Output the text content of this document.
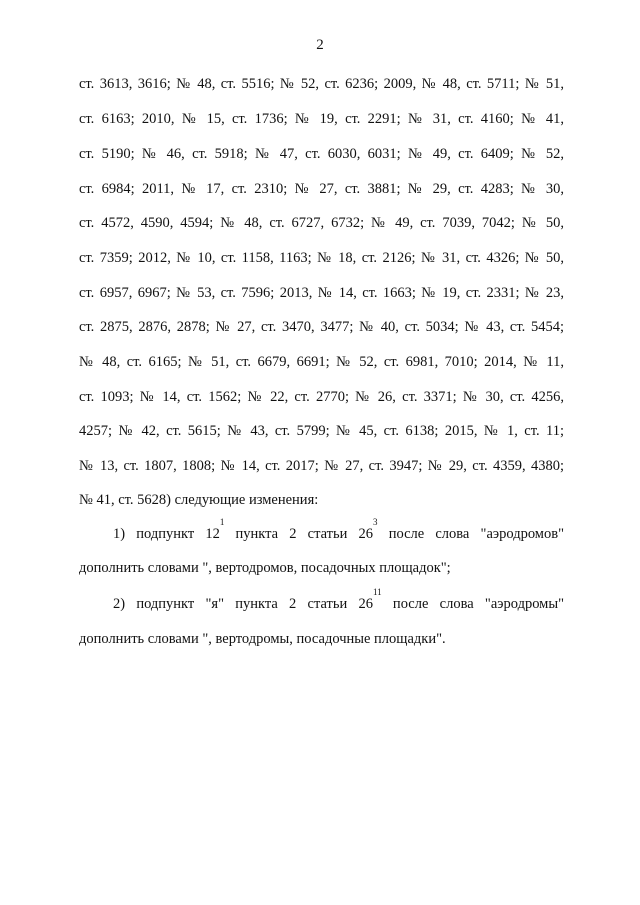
2
ст. 3613, 3616; № 48, ст. 5516; № 52, ст. 6236; 2009, № 48, ст. 5711; № 51,
ст. 6163; 2010, № 15, ст. 1736; № 19, ст. 2291; № 31, ст. 4160; № 41,
ст. 5190; № 46, ст. 5918; № 47, ст. 6030, 6031; № 49, ст. 6409; № 52,
ст. 6984; 2011, № 17, ст. 2310; № 27, ст. 3881; № 29, ст. 4283; № 30,
ст. 4572, 4590, 4594; № 48, ст. 6727, 6732; № 49, ст. 7039, 7042; № 50,
ст. 7359; 2012, № 10, ст. 1158, 1163; № 18, ст. 2126; № 31, ст. 4326; № 50,
ст. 6957, 6967; № 53, ст. 7596; 2013, № 14, ст. 1663; № 19, ст. 2331; № 23,
ст. 2875, 2876, 2878; № 27, ст. 3470, 3477; № 40, ст. 5034; № 43, ст. 5454;
№ 48, ст. 6165; № 51, ст. 6679, 6691; № 52, ст. 6981, 7010; 2014, № 11,
ст. 1093; № 14, ст. 1562; № 22, ст. 2770; № 26, ст. 3371; № 30, ст. 4256,
4257; № 42, ст. 5615; № 43, ст. 5799; № 45, ст. 6138; 2015, № 1, ст. 11;
№ 13, ст. 1807, 1808; № 14, ст. 2017; № 27, ст. 3947; № 29, ст. 4359, 4380;
№ 41, ст. 5628) следующие изменения:
1) подпункт $12^1$ пункта 2 статьи $26^3$ после слова "аэродромов"
дополнить словами ", вертодромов, посадочных площадок";
2) подпункт "я" пункта 2 статьи $26^{11}$ после слова "аэродромы"
дополнить словами ", вертодромы, посадочные площадки".
